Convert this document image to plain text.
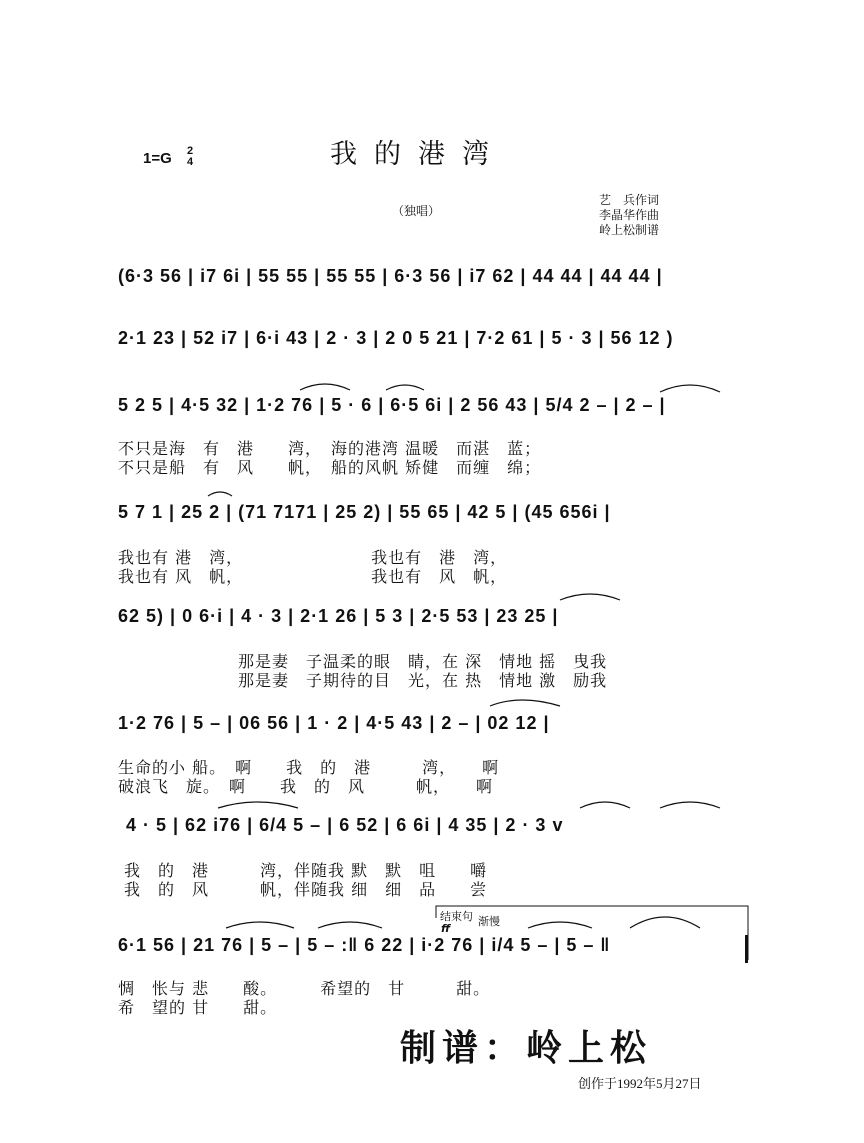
我的港湾
1=G 2
4
（独唱）
艺　兵作词
李晶华作曲
岭上松制谱
(6·3 56 | i7 6i | 55 55 | 55 55 | 6·3 56 | i7 62 | 44 44 | 44 44 |
2·1 23 | 52 i7 | 6·i 43 | 2 · 3 | 2 0 5 21 | 7·2 61 | 5 · 3 | 56 12 )
5 2 5 | 4·5 32 | 1·2 76 | 5 · 6 | 6·5 6i | 2 56 43 | 5/4 2 – | 2 – |
不只是海　有　港　　湾，　海的港湾 温暖　而湛　蓝；
不只是船　有　风　　帆，　船的风帆 矫健　而缠　绵；
5 7 1 | 25 2 | (71 7171 | 25 2) | 55 65 | 42 5 | (45 656i |
我也有 港　湾，　　　　　　　　我也有　港　湾，
我也有 风　帆，　　　　　　　　我也有　风　帆，
62 5) | 0 6·i | 4 · 3 | 2·1 26 | 5 3 | 2·5 53 | 23 25 |
那是妻　子温柔的眼　睛，在 深　情地 摇　曳我
那是妻　子期待的目　光，在 热　情地 激　励我
1·2 76 | 5 – | 06 56 | 1 · 2 | 4·5 43 | 2 – | 02 12 |
生命的小 船。　啊　　我　的　港　　　湾，　　啊
破浪飞　旋。　啊　　我　的　风　　　帆，　　啊
4 · 5 | 62 i76 | 6/4 5 – | 6 52 | 6 6i | 4 35 | 2 · 3 v
我　的　港　　　湾，伴随我 默　默　咀　　嚼
我　的　风　　　帆，伴随我 细　细　品　　尝
结束句
ff
渐慢
6·1 56 | 21 76 | 5 – | 5 – :‖ 6 22 | i·2 76 | i/4 5 – | 5 – ‖
惆　怅与 悲　　酸。　　　希望的　甘　　　甜。
希　望的 甘　　甜。
制谱：岭上松
创作于1992年5月27日
